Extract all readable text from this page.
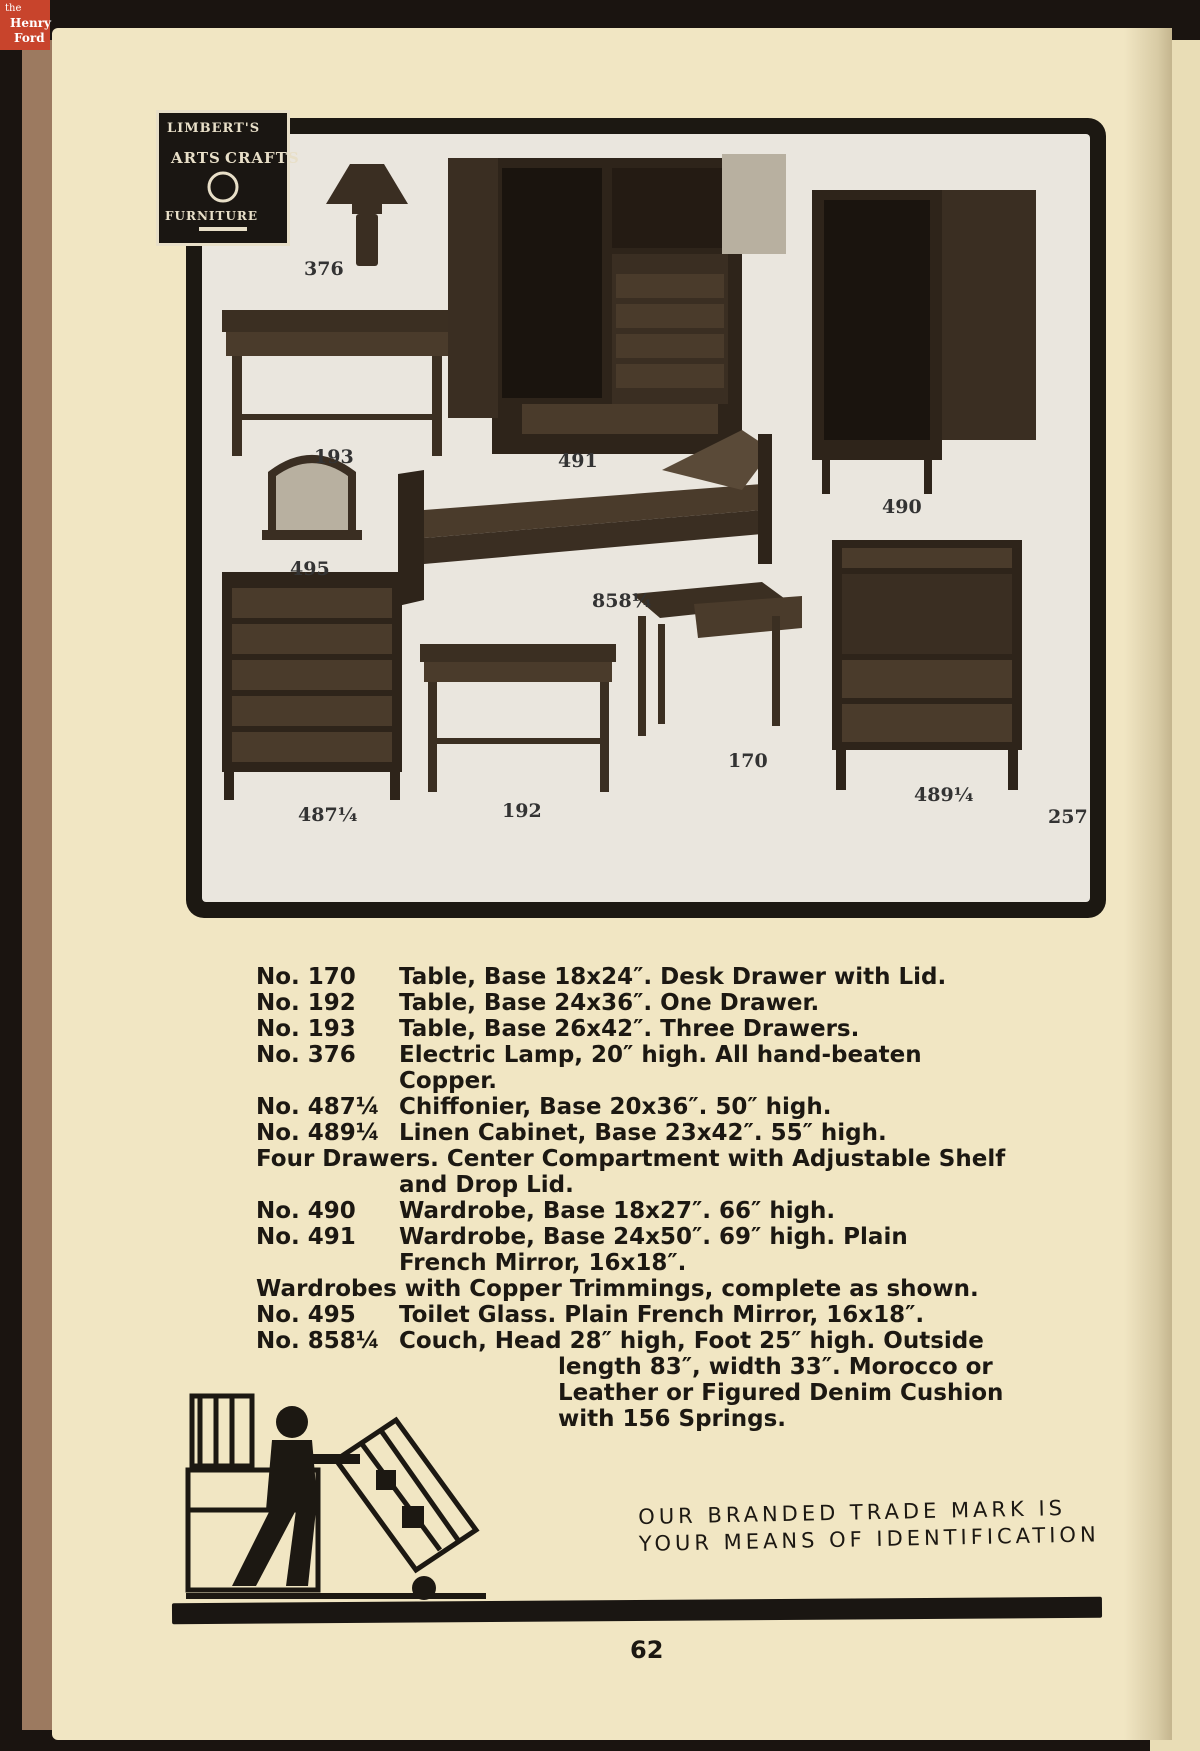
the
Henry
Ford
376
193	491
490
495
858¼
487¼	192
170
489¼
257
LIMBERT'S
ARTS CRAFTS
FURNITURE
No. 170	Table, Base 18x24″. Desk Drawer with Lid.
No. 192	Table, Base 24x36″. One Drawer.
No. 193	Table, Base 26x42″. Three Drawers.
No. 376	Electric Lamp, 20″ high. All hand-beaten
Copper.
No. 487¼ Chiffonier, Base 20x36″. 50″ high.
No. 489¼ Linen Cabinet, Base 23x42″. 55″ high.
Four Drawers. Center Compartment with Adjustable Shelf
and Drop Lid.
No. 490	Wardrobe, Base 18x27″. 66″ high.
No. 491	Wardrobe, Base 24x50″. 69″ high. Plain
French Mirror, 16x18″.
Wardrobes with Copper Trimmings, complete as shown.
No. 495	Toilet Glass. Plain French Mirror, 16x18″.
No. 858¼ Couch, Head 28″ high, Foot 25″ high. Outside
length 83″, width 33″. Morocco or
Leather or Figured Denim Cushion
with 156 Springs.
OUR BRANDED TRADE MARK IS
YOUR MEANS OF IDENTIFICATION
62
